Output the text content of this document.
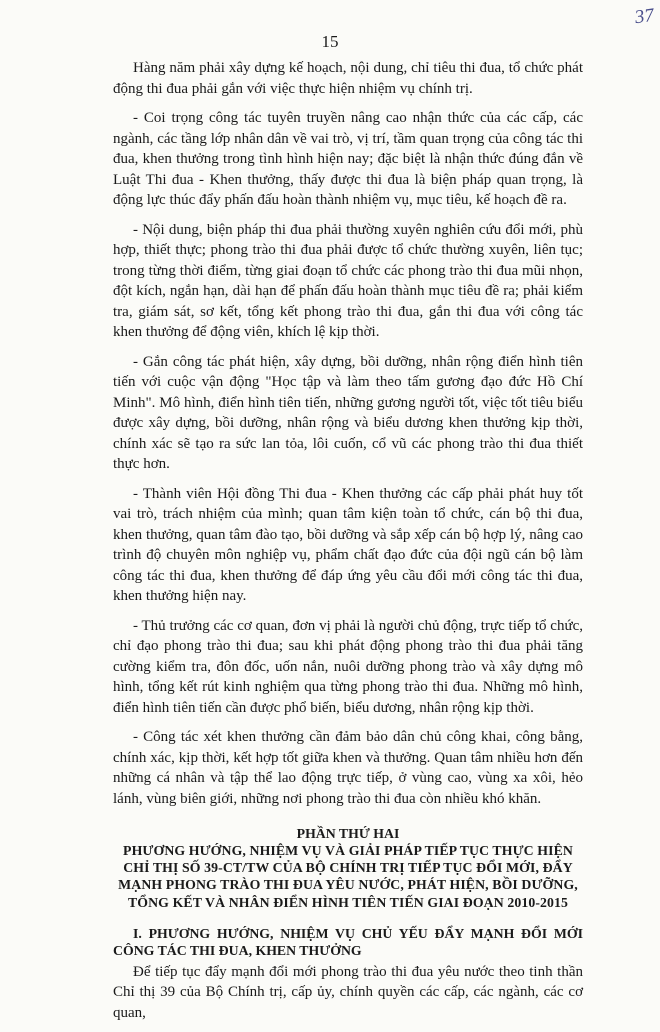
15
37

Hàng năm phải xây dựng kế hoạch, nội dung, chỉ tiêu thi đua, tổ chức phát động thi đua phải gắn với việc thực hiện nhiệm vụ chính trị.

- Coi trọng công tác tuyên truyền nâng cao nhận thức của các cấp, các ngành, các tầng lớp nhân dân về vai trò, vị trí, tầm quan trọng của công tác thi đua, khen thưởng trong tình hình hiện nay; đặc biệt là nhận thức đúng đắn về Luật Thi đua - Khen thưởng, thấy được thi đua là biện pháp quan trọng, là động lực thúc đẩy phấn đấu hoàn thành nhiệm vụ, mục tiêu, kế hoạch đề ra.

- Nội dung, biện pháp thi đua phải thường xuyên nghiên cứu đổi mới, phù hợp, thiết thực; phong trào thi đua phải được tổ chức thường xuyên, liên tục; trong từng thời điểm, từng giai đoạn tổ chức các phong trào thi đua mũi nhọn, đột kích, ngắn hạn, dài hạn để phấn đấu hoàn thành mục tiêu đề ra; phải kiểm tra, giám sát, sơ kết, tổng kết phong trào thi đua, gắn thi đua với công tác khen thưởng để động viên, khích lệ kịp thời.

- Gắn công tác phát hiện, xây dựng, bồi dưỡng, nhân rộng điển hình tiên tiến với cuộc vận động "Học tập và làm theo tấm gương đạo đức Hồ Chí Minh". Mô hình, điển hình tiên tiến, những gương người tốt, việc tốt tiêu biểu được xây dựng, bồi dưỡng, nhân rộng và biểu dương khen thưởng kịp thời, chính xác sẽ tạo ra sức lan tỏa, lôi cuốn, cổ vũ các phong trào thi đua thiết thực hơn.

- Thành viên Hội đồng Thi đua - Khen thưởng các cấp phải phát huy tốt vai trò, trách nhiệm của mình; quan tâm kiện toàn tổ chức, cán bộ thi đua, khen thưởng, quan tâm đào tạo, bồi dưỡng và sắp xếp cán bộ hợp lý, nâng cao trình độ chuyên môn nghiệp vụ, phẩm chất đạo đức của đội ngũ cán bộ làm công tác thi đua, khen thưởng để đáp ứng yêu cầu đổi mới công tác thi đua, khen thưởng hiện nay.

- Thủ trưởng các cơ quan, đơn vị phải là người chủ động, trực tiếp tổ chức, chỉ đạo phong trào thi đua; sau khi phát động phong trào thi đua phải tăng cường kiểm tra, đôn đốc, uốn nắn, nuôi dưỡng phong trào và xây dựng mô hình, tổng kết rút kinh nghiệm qua từng phong trào thi đua. Những mô hình, điển hình tiên tiến cần được phổ biến, biểu dương, nhân rộng kịp thời.

- Công tác xét khen thưởng cần đảm bảo dân chủ công khai, công bằng, chính xác, kịp thời, kết hợp tốt giữa khen và thưởng. Quan tâm nhiều hơn đến những cá nhân và tập thể lao động trực tiếp, ở vùng cao, vùng xa xôi, hẻo lánh, vùng biên giới, những nơi phong trào thi đua còn nhiều khó khăn.

PHẦN THỨ HAI
PHƯƠNG HƯỚNG, NHIỆM VỤ VÀ GIẢI PHÁP TIẾP TỤC THỰC HIỆN CHỈ THỊ SỐ 39-CT/TW CỦA BỘ CHÍNH TRỊ TIẾP TỤC ĐỔI MỚI, ĐẨY MẠNH PHONG TRÀO THI ĐUA YÊU NƯỚC, PHÁT HIỆN, BỒI DƯỠNG, TỔNG KẾT VÀ NHÂN ĐIỂN HÌNH TIÊN TIẾN GIAI ĐOẠN 2010-2015
I. PHƯƠNG HƯỚNG, NHIỆM VỤ CHỦ YẾU ĐẨY MẠNH ĐỔI MỚI CÔNG TÁC THI ĐUA, KHEN THƯỞNG

Để tiếp tục đẩy mạnh đổi mới phong trào thi đua yêu nước theo tinh thần Chỉ thị 39 của Bộ Chính trị, cấp ủy, chính quyền các cấp, các ngành, các cơ quan,
